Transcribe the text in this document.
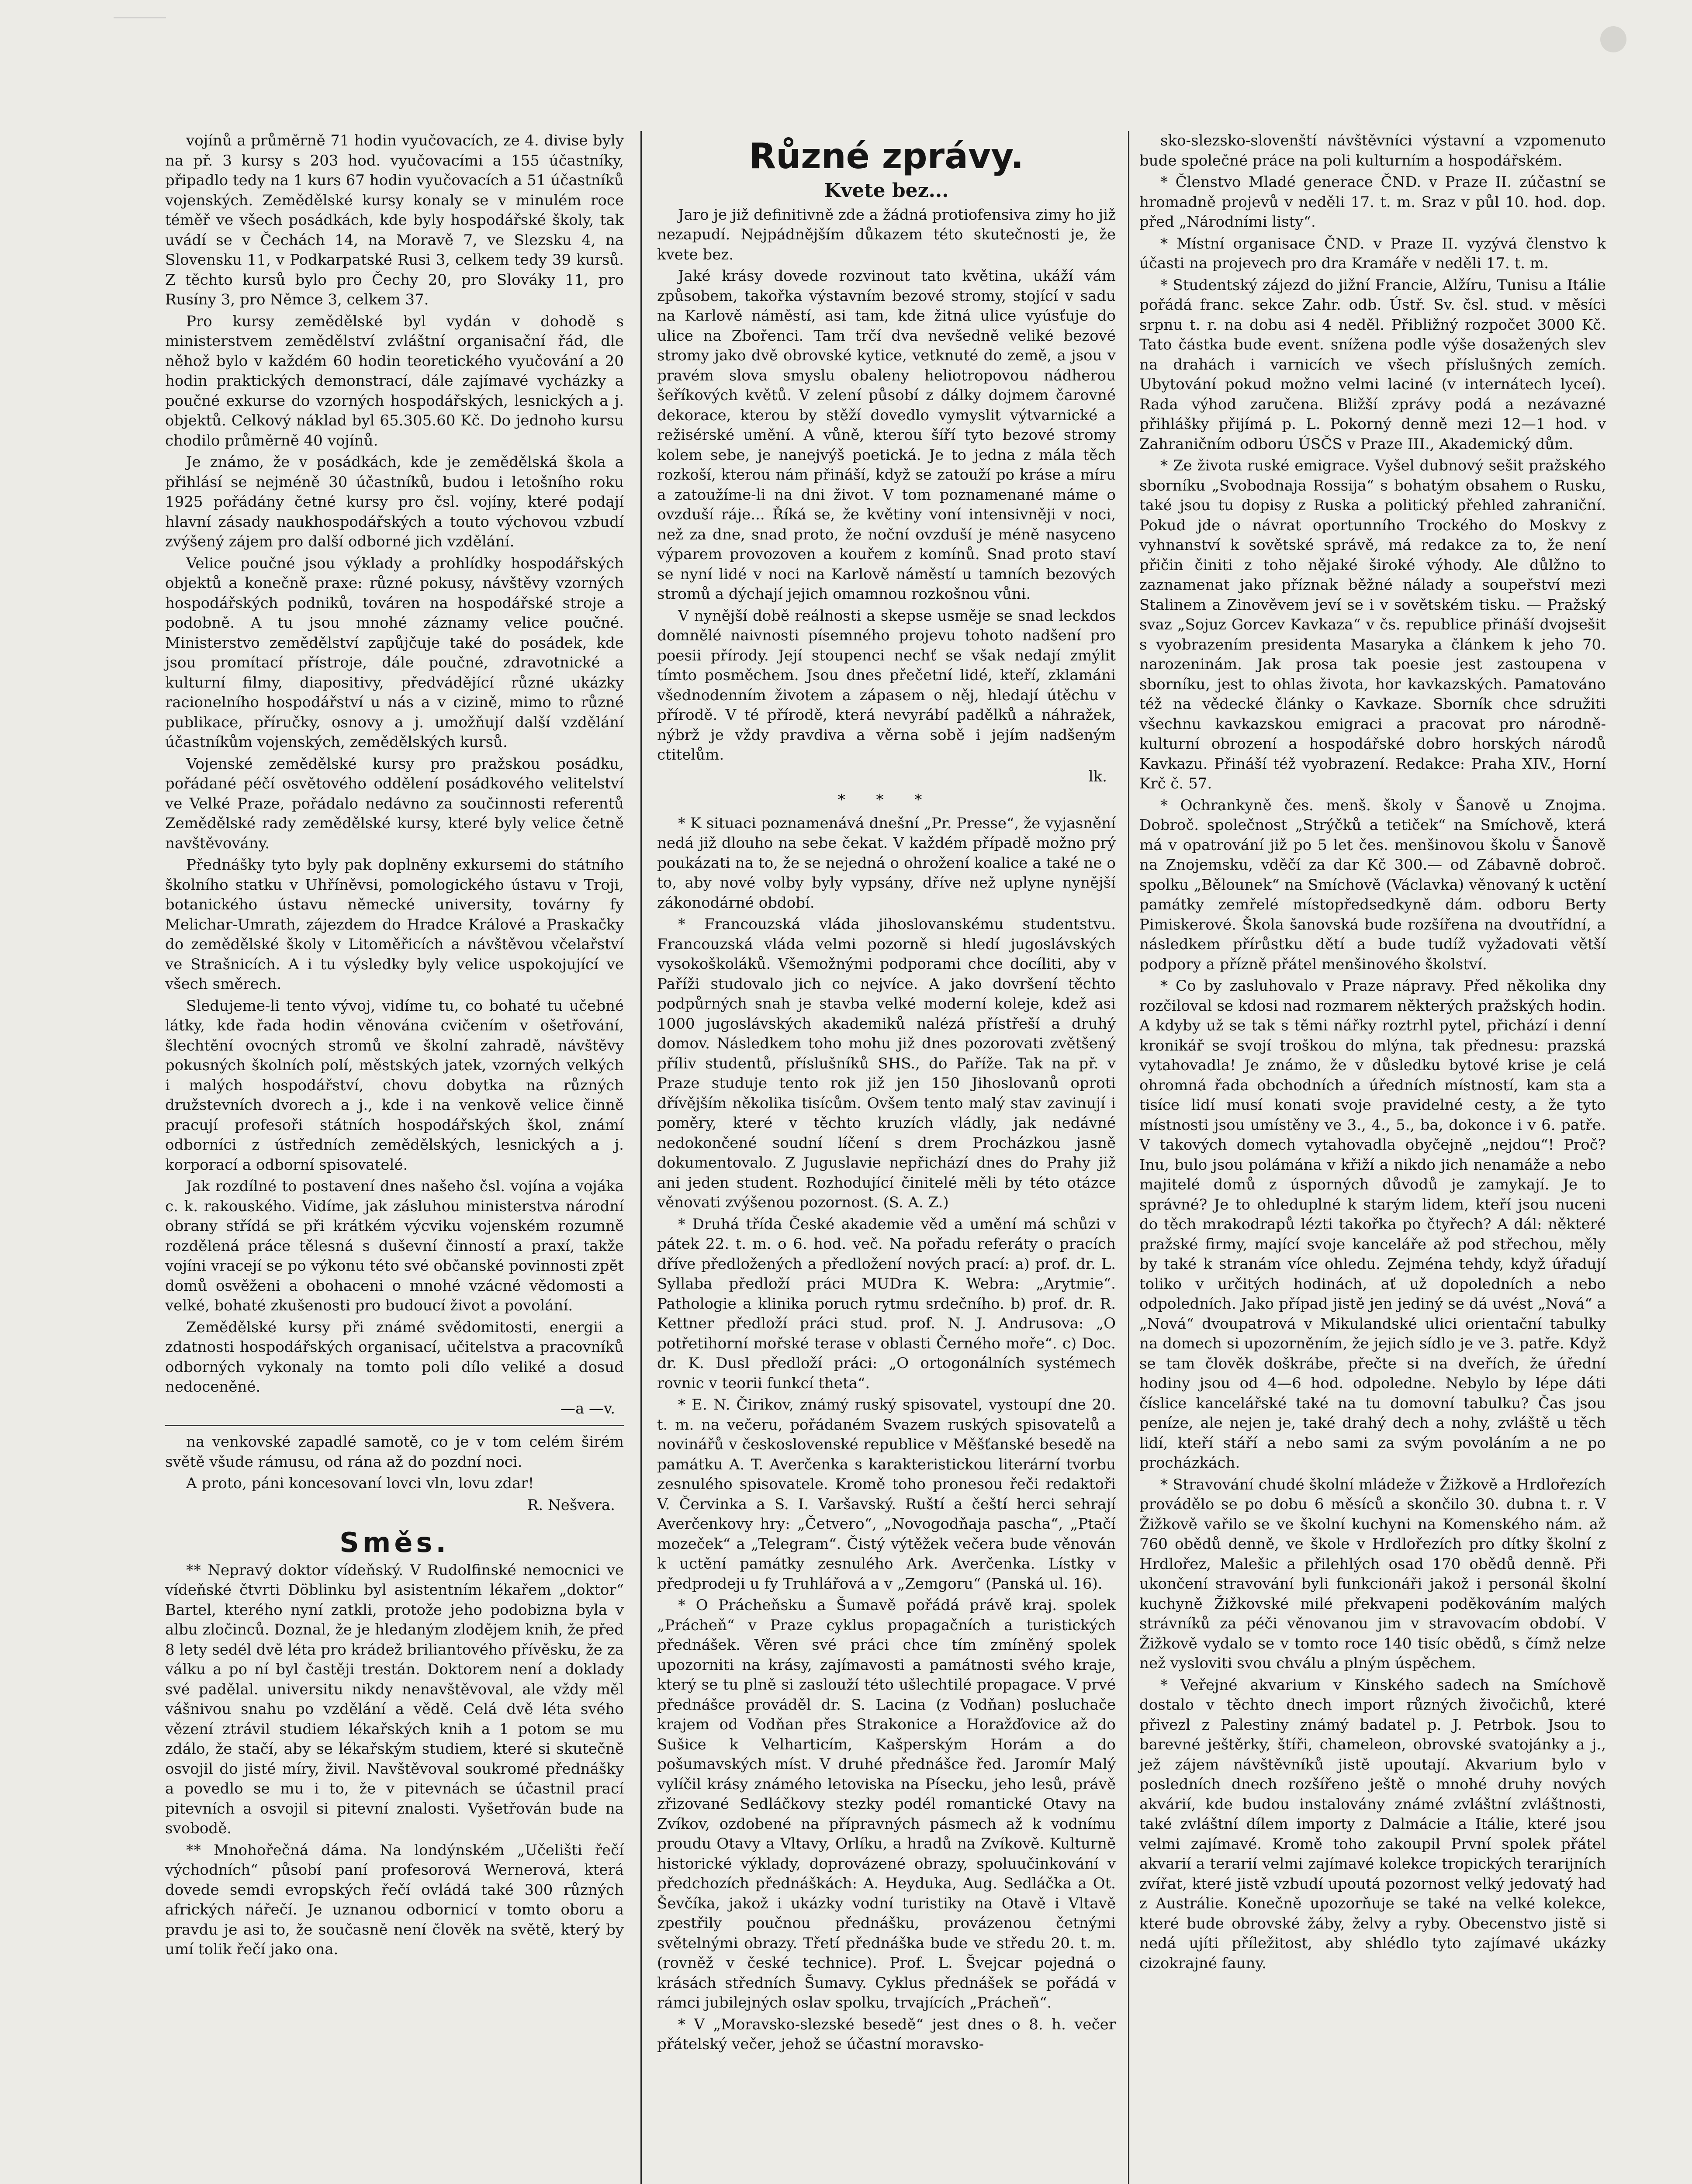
vojínů a průměrně 71 hodin vyučovacích, ze 4. divise byly na př. 3 kursy s 203 hod. vyučovacími a 155 účastníky, připadlo tedy na 1 kurs 67 hodin vyučovacích a 51 účastníků vojenských. Zemědělské kursy konaly se v minulém roce téměř ve všech posádkách, kde byly hospodářské školy, tak uvádí se v Čechách 14, na Moravě 7, ve Slezsku 4, na Slovensku 11, v Podkarpatské Rusi 3, celkem tedy 39 kursů. Z těchto kursů bylo pro Čechy 20, pro Slováky 11, pro Rusíny 3, pro Němce 3, celkem 37.

Pro kursy zemědělské byl vydán v dohodě s ministerstvem zemědělství zvláštní organisační řád, dle něhož bylo v každém 60 hodin teoretického vyučování a 20 hodin praktických demonstrací, dále zajímavé vycházky a poučné exkurse do vzorných hospodářských, lesnických a j. objektů. Celkový náklad byl 65.305.60 Kč. Do jednoho kursu chodilo průměrně 40 vojínů.

Je známo, že v posádkách, kde je zemědělská škola a přihlásí se nejméně 30 účastníků, budou i letošního roku 1925 pořádány četné kursy pro čsl. vojíny, které podají hlavní zásady naukhospodářských a touto výchovou vzbudí zvýšený zájem pro další odborné jich vzdělání.

Velice poučné jsou výklady a prohlídky hospodářských objektů a konečně praxe: různé pokusy, návštěvy vzorných hospodářských podniků, továren na hospodářské stroje a podobně. A tu jsou mnohé záznamy velice poučné. Ministerstvo zemědělství zapůjčuje také do posádek, kde jsou promítací přístroje, dále poučné, zdravotnické a kulturní filmy, diapositivy, předvádějící různé ukázky racionelního hospodářství u nás a v cizině, mimo to různé publikace, příručky, osnovy a j. umožňují další vzdělání účastníkům vojenských, zemědělských kursů.

Vojenské zemědělské kursy pro pražskou posádku, pořádané péčí osvětového oddělení posádkového velitelství ve Velké Praze, pořádalo nedávno za součinnosti referentů Zemědělské rady zemědělské kursy, které byly velice četně navštěvovány.

Přednášky tyto byly pak doplněny exkursemi do státního školního statku v Uhříněvsi, pomologického ústavu v Troji, botanického ústavu německé university, továrny fy Melichar-Umrath, zájezdem do Hradce Králové a Praskačky do zemědělské školy v Litoměřicích a návštěvou včelařství ve Strašnicích. A i tu výsledky byly velice uspokojující ve všech směrech.

Sledujeme-li tento vývoj, vidíme tu, co bohaté tu učebné látky, kde řada hodin věnována cvičením v ošetřování, šlechtění ovocných stromů ve školní zahradě, návštěvy pokusných školních polí, městských jatek, vzorných velkých i malých hospodářství, chovu dobytka na různých družstevních dvorech a j., kde i na venkově velice činně pracují profesoři státních hospodářských škol, známí odborníci z ústředních zemědělských, lesnických a j. korporací a odborní spisovatelé.

Jak rozdílné to postavení dnes našeho čsl. vojína a vojáka c. k. rakouského. Vidíme, jak zásluhou ministerstva národní obrany střídá se při krátkém výcviku vojenském rozumně rozdělená práce tělesná s duševní činností a praxí, takže vojíni vracejí se po výkonu této své občanské povinnosti zpět domů osvěženi a obohaceni o mnohé vzácné vědomosti a velké, bohaté zkušenosti pro budoucí život a povolání.

Zemědělské kursy při známé svědomitosti, energii a zdatnosti hospodářských organisací, učitelstva a pracovníků odborných vykonaly na tomto poli dílo veliké a dosud nedoceněné.

—a —v.

na venkovské zapadlé samotě, co je v tom celém širém světě všude rámusu, od rána až do pozdní noci.

A proto, páni koncesovaní lovci vln, lovu zdar!

R. Nešvera.
Směs.

** Nepravý doktor vídeňský. V Rudolfinské nemocnici ve vídeňské čtvrti Döblinku byl asistentním lékařem „doktor“ Bartel, kterého nyní zatkli, protože jeho podobizna byla v albu zločinců. Doznal, že je hledaným zlodějem knih, že před 8 lety sedél dvě léta pro krádež briliantového přívěsku, že za válku a po ní byl častěji trestán. Doktorem není a doklady své padělal. universitu nikdy nenavštěvoval, ale vždy měl vášnivou snahu po vzdělání a vědě. Celá dvě léta svého vězení ztrávil studiem lékařských knih a 1 potom se mu zdálo, že stačí, aby se lékařským studiem, které si skutečně osvojil do jisté míry, živil. Navštěvoval soukromé přednášky a povedlo se mu i to, že v pitevnách se účastnil prací pitevních a osvojil si pitevní znalosti. Vyšetřován bude na svobodě.

** Mnohořečná dáma. Na londýnském „Učelišti řečí východních“ působí paní profesorová Wernerová, která dovede semdi evropských řečí ovládá také 300 různých afrických nářečí. Je uznanou odbornicí v tomto oboru a pravdu je asi to, že současně není člověk na světě, který by umí tolik řečí jako ona.

Různé zprávy.
Kvete bez...

Jaro je již definitivně zde a žádná protiofensiva zimy ho již nezapudí. Nejpádnějším důkazem této skutečnosti je, že kvete bez.

Jaké krásy dovede rozvinout tato květina, ukáží vám způsobem, takořka výstavním bezové stromy, stojící v sadu na Karlově náměstí, asi tam, kde žitná ulice vyúsťuje do ulice na Zbořenci. Tam trčí dva nevšedně veliké bezové stromy jako dvě obrovské kytice, vetknuté do země, a jsou v pravém slova smyslu obaleny heliotropovou nádherou šeříkových květů. V zelení působí z dálky dojmem čarovné dekorace, kterou by stěží dovedlo vymyslit výtvarnické a režisérské umění. A vůně, kterou šíří tyto bezové stromy kolem sebe, je nanejvýš poetická. Je to jedna z mála těch rozkoší, kterou nám přináší, když se zatouží po kráse a míru a zatoužíme-li na dni život. V tom poznamenané máme o ovzduší ráje... Říká se, že květiny voní intensivněji v noci, než za dne, snad proto, že noční ovzduší je méně nasyceno výparem provozoven a kouřem z komínů. Snad proto staví se nyní lidé v noci na Karlově náměstí u tamních bezových stromů a dýchají jejich omamnou rozkošnou vůni.

V nynější době reálnosti a skepse usměje se snad leckdos domnělé naivnosti písemného projevu tohoto nadšení pro poesii přírody. Její stoupenci nechť se však nedají zmýlit tímto posměchem. Jsou dnes přečetní lidé, kteří, zklamáni všednodenním životem a zápasem o něj, hledají útěchu v přírodě. V té přírodě, která nevyrábí padělků a náhražek, nýbrž je vždy pravdiva a věrna sobě i jejím nadšeným ctitelům.

lk.
* * *

* K situaci poznamenává dnešní „Pr. Presse“, že vyjasnění nedá již dlouho na sebe čekat. V každém případě možno prý poukázati na to, že se nejedná o ohrožení koalice a také ne o to, aby nové volby byly vypsány, dříve než uplyne nynější zákonodárné období.

* Francouzská vláda jihoslovanskému studentstvu. Francouzská vláda velmi pozorně si hledí jugoslávských vysokoškoláků. Všemožnými podporami chce docíliti, aby v Paříži studovalo jich co nejvíce. A jako dovršení těchto podpůrných snah je stavba velké moderní koleje, kdež asi 1000 jugoslávských akademiků nalézá přístřeší a druhý domov. Následkem toho mohu již dnes pozorovati zvětšený příliv studentů, příslušníků SHS., do Paříže. Tak na př. v Praze studuje tento rok již jen 150 Jihoslovanů oproti dřívějším několika tisícům. Ovšem tento malý stav zavinují i poměry, které v těchto kruzích vládly, jak nedávné nedokončené soudní líčení s drem Procházkou jasně dokumentovalo. Z Juguslavie nepřichází dnes do Prahy již ani jeden student. Rozhodující činitelé měli by této otázce věnovati zvýšenou pozornost. (S. A. Z.)

* Druhá třída České akademie věd a umění má schůzi v pátek 22. t. m. o 6. hod. več. Na pořadu referáty o pracích dříve předložených a předložení nových prací: a) prof. dr. L. Syllaba předloží práci MUDra K. Webra: „Arytmie“. Pathologie a klinika poruch rytmu srdečního. b) prof. dr. R. Kettner předloží práci stud. prof. N. J. Andrusova: „O potřetihorní mořské terase v oblasti Černého moře“. c) Doc. dr. K. Dusl předloží práci: „O ortogonálních systémech rovnic v teorii funkcí theta“.

* E. N. Čirikov, známý ruský spisovatel, vystoupí dne 20. t. m. na večeru, pořádaném Svazem ruských spisovatelů a novinářů v československé republice v Měšťanské besedě na památku A. T. Averčenka s karakteristickou literární tvorbu zesnulého spisovatele. Kromě toho pronesou řeči redaktoři V. Červinka a S. I. Varšavský. Ruští a čeští herci sehrají Averčenkovy hry: „Četvero“, „Novogodňaja pascha“, „Ptačí mozeček“ a „Telegram“. Čistý výtěžek večera bude věnován k uctění památky zesnulého Ark. Averčenka. Lístky v předprodeji u fy Truhlářová a v „Zemgoru“ (Panská ul. 16).

* O Prácheňsku a Šumavě pořádá právě kraj. spolek „Prácheň“ v Praze cyklus propagačních a turistických přednášek. Věren své práci chce tím zmíněný spolek upozorniti na krásy, zajímavosti a památnosti svého kraje, který se tu plně si zaslouží této ušlechtilé propagace. V prvé přednášce prováděl dr. S. Lacina (z Vodňan) posluchače krajem od Vodňan přes Strakonice a Horažďovice až do Sušice k Velharticím, Kašperským Horám a do pošumavských míst. V druhé přednášce řed. Jaromír Malý vylíčil krásy známého letoviska na Písecku, jeho lesů, právě zřizované Sedláčkovy stezky podél romantické Otavy na Zvíkov, ozdobené na přípravných pásmech až k vodnímu proudu Otavy a Vltavy, Orlíku, a hradů na Zvíkově. Kulturně historické výklady, doprovázené obrazy, spoluučinkování v předchozích přednáškách: A. Heyduka, Aug. Sedláčka a Ot. Ševčíka, jakož i ukázky vodní turistiky na Otavě i Vltavě zpestřily poučnou přednášku, provázenou četnými světelnými obrazy. Třetí přednáška bude ve středu 20. t. m. (rovněž v české technice). Prof. L. Švejcar pojedná o krásách středních Šumavy. Cyklus přednášek se pořádá v rámci jubilejných oslav spolku, trvajících „Prácheň“.

* V „Moravsko-slezské besedě“ jest dnes o 8. h. večer přátelský večer, jehož se účastní moravsko-

sko-slezsko-slovenští návštěvníci výstavní a vzpomenuto bude společné práce na poli kulturním a hospodářském.

* Členstvo Mladé generace ČND. v Praze II. zúčastní se hromadně projevů v neděli 17. t. m. Sraz v půl 10. hod. dop. před „Národními listy“.

* Místní organisace ČND. v Praze II. vyzývá členstvo k účasti na projevech pro dra Kramáře v neděli 17. t. m.

* Studentský zájezd do jižní Francie, Alžíru, Tunisu a Itálie pořádá franc. sekce Zahr. odb. Ústř. Sv. čsl. stud. v měsíci srpnu t. r. na dobu asi 4 neděl. Přibližný rozpočet 3000 Kč. Tato částka bude event. snížena podle výše dosažených slev na drahách i varnicích ve všech příslušných zemích. Ubytování pokud možno velmi laciné (v internátech lyceí). Rada výhod zaručena. Bližší zprávy podá a nezávazné přihlášky přijímá p. L. Pokorný denně mezi 12—1 hod. v Zahraničním odboru ÚSČS v Praze III., Akademický dům.

* Ze života ruské emigrace. Vyšel dubnový sešit pražského sborníku „Svobodnaja Rossija“ s bohatým obsahem o Rusku, také jsou tu dopisy z Ruska a politický přehled zahraniční. Pokud jde o návrat oportunního Trockého do Moskvy z vyhnanství k sovětské správě, má redakce za to, že není přičin činiti z toho nějaké široké výhody. Ale důlžno to zaznamenat jako příznak běžné nálady a soupeřství mezi Stalinem a Zinověvem jeví se i v sovětském tisku. — Pražský svaz „Sojuz Gorcev Kavkaza“ v čs. republice přináší dvojsešit s vyobrazením presidenta Masaryka a článkem k jeho 70. narozeninám. Jak prosa tak poesie jest zastoupena v sborníku, jest to ohlas života, hor kavkazských. Pamatováno též na vědecké články o Kavkaze. Sborník chce sdružiti všechnu kavkazskou emigraci a pracovat pro národně-kulturní obrození a hospodářské dobro horských národů Kavkazu. Přináší též vyobrazení. Redakce: Praha XIV., Horní Krč č. 57.

* Ochrankyně čes. menš. školy v Šanově u Znojma. Dobroč. společnost „Strýčků a tetiček“ na Smíchově, která má v opatrování již po 5 let čes. menšinovou školu v Šanově na Znojemsku, vděčí za dar Kč 300.— od Zábavně dobroč. spolku „Bělounek“ na Smíchově (Václavka) věnovaný k uctění památky zemřelé místopředsedkyně dám. odboru Berty Pimiskerové. Škola šanovská bude rozšířena na dvoutřídní, a následkem přírůstku dětí a bude tudíž vyžadovati větší podpory a přízně přátel menšinového školství.

* Co by zasluhovalo v Praze nápravy. Před několika dny rozčiloval se kdosi nad rozmarem některých pražských hodin. A kdyby už se tak s těmi nářky roztrhl pytel, přichází i denní kronikář se svojí troškou do mlýna, tak přednesu: prazská vytahovadla! Je známo, že v důsledku bytové krise je celá ohromná řada obchodních a úředních místností, kam sta a tisíce lidí musí konati svoje pravidelné cesty, a že tyto místnosti jsou umístěny ve 3., 4., 5., ba, dokonce i v 6. patře. V takových domech vytahovadla obyčejně „nejdou“! Proč? Inu, bulo jsou polámána v křiží a nikdo jich nenamáže a nebo majitelé domů z úsporných důvodů je zamykají. Je to správné? Je to ohleduplné k starým lidem, kteří jsou nuceni do těch mrakodrapů lézti takořka po čtyřech? A dál: některé pražské firmy, mající svoje kanceláře až pod střechou, měly by také k stranám více ohledu. Zejména tehdy, když úřadují toliko v určitých hodinách, ať už dopoledních a nebo odpoledních. Jako případ jistě jen jediný se dá uvést „Nová“ a „Nová“ dvoupatrová v Mikulandské ulici orientační tabulky na domech si upozorněním, že jejich sídlo je ve 3. patře. Když se tam člověk doškrábe, přečte si na dveřích, že úřední hodiny jsou od 4—6 hod. odpoledne. Nebylo by lépe dáti číslice kancelářské také na tu domovní tabulku? Čas jsou peníze, ale nejen je, také drahý dech a nohy, zvláště u těch lidí, kteří stáří a nebo sami za svým povoláním a ne po procházkách.

* Stravování chudé školní mládeže v Žižkově a Hrdlořezích provádělo se po dobu 6 měsíců a skončilo 30. dubna t. r. V Žižkově vařilo se ve školní kuchyni na Komenského nám. až 760 obědů denně, ve škole v Hrdlořezích pro dítky školní z Hrdlořez, Malešic a přilehlých osad 170 obědů denně. Při ukončení stravování byli funkcionáři jakož i personál školní kuchyně Žižkovské milé překvapeni poděkováním malých strávníků za péči věnovanou jim v stravovacím období. V Žižkově vydalo se v tomto roce 140 tisíc obědů, s čímž nelze než vysloviti svou chválu a plným úspěchem.

* Veřejné akvarium v Kinského sadech na Smíchově dostalo v těchto dnech import různých živočichů, které přivezl z Palestiny známý badatel p. J. Petrbok. Jsou to barevné ještěrky, štíři, chameleon, obrovské svatojánky a j., jež zájem návštěvníků jistě upoutají. Akvarium bylo v posledních dnech rozšířeno ještě o mnohé druhy nových akvárií, kde budou instalovány známé zvláštní zvláštnosti, také zvláštní dílem importy z Dalmácie a Itálie, které jsou velmi zajímavé. Kromě toho zakoupil První spolek přátel akvarií a terarií velmi zajímavé kolekce tropických terarijních zvířat, které jistě vzbudí upoutá pozornost velký jedovatý had z Austrálie. Konečně upozorňuje se také na velké kolekce, které bude obrovské žáby, želvy a ryby. Obecenstvo jistě si nedá ujíti příležitost, aby shlédlo tyto zajímavé ukázky cizokrajné fauny.
